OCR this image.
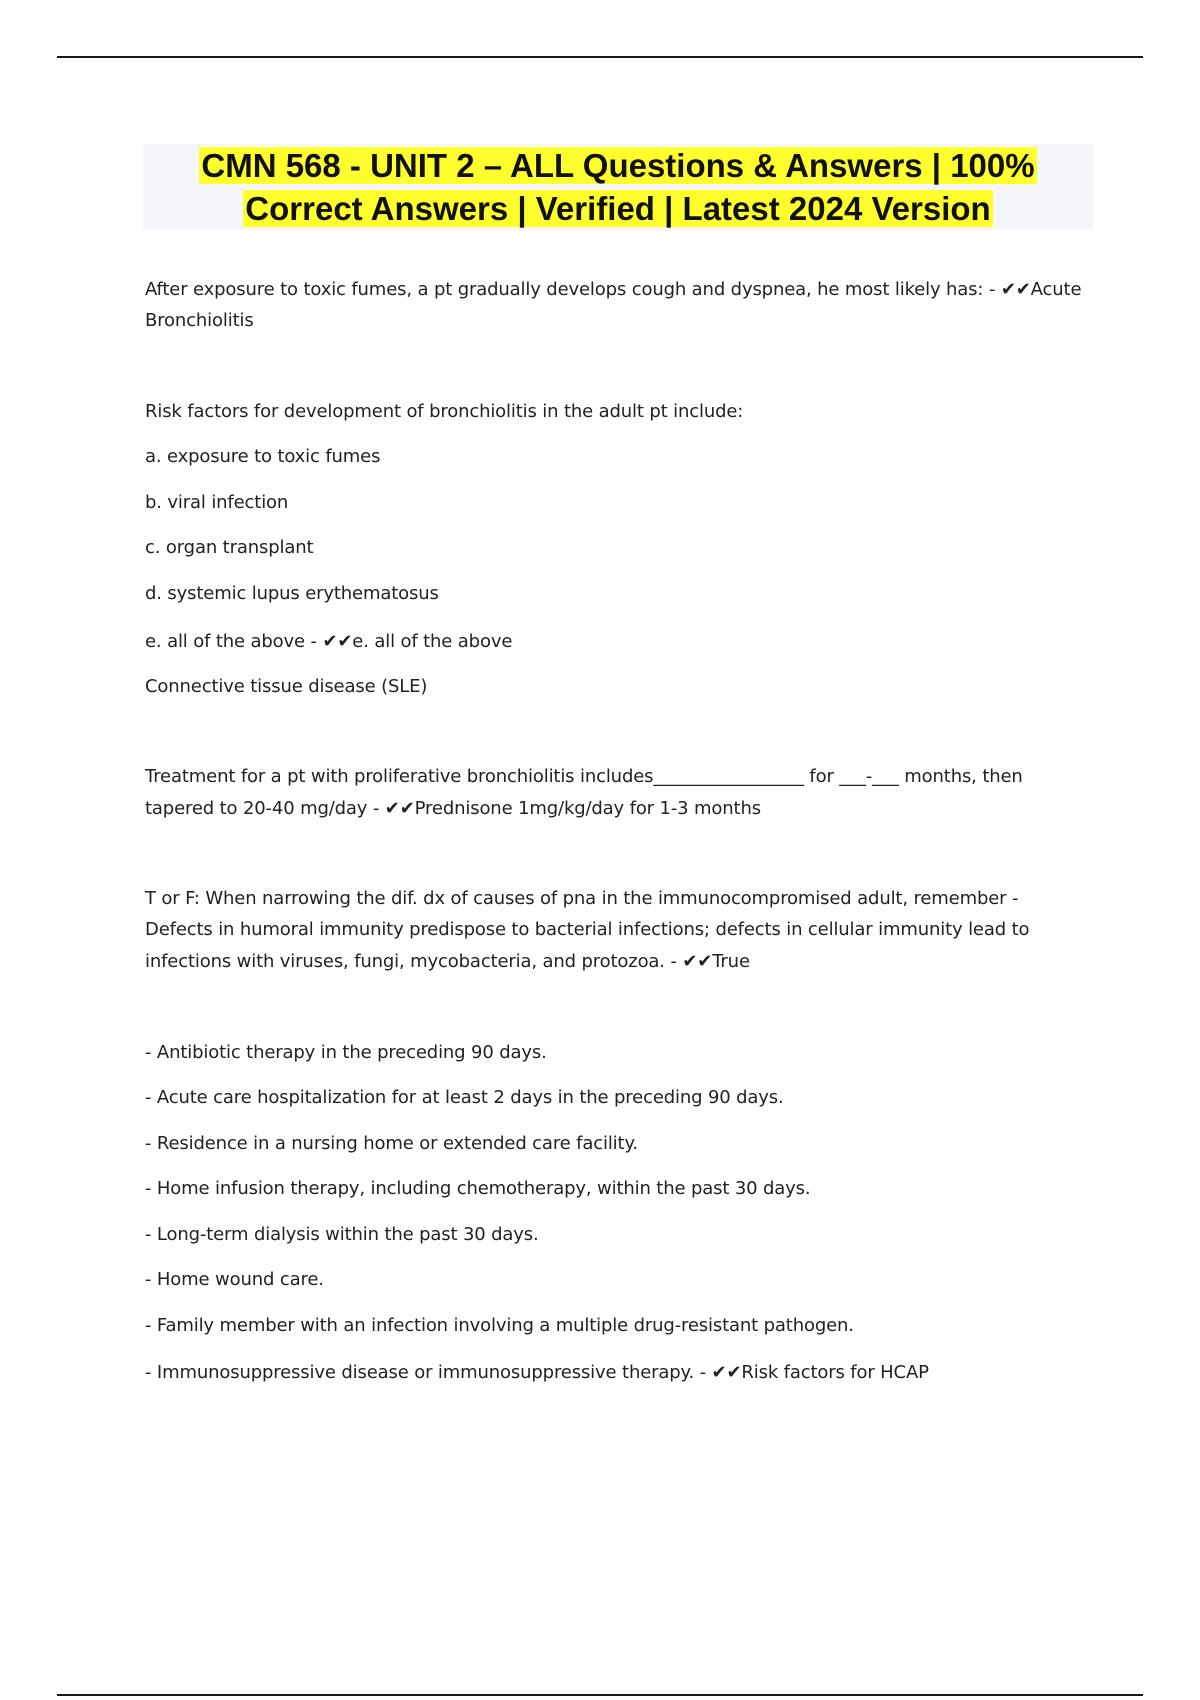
CMN 568 - UNIT 2 – ALL Questions & Answers | 100%
Correct Answers | Verified | Latest 2024 Version
After exposure to toxic fumes, a pt gradually develops cough and dyspnea, he most likely has: - ✔✔Acute
Bronchiolitis
Risk factors for development of bronchiolitis in the adult pt include:
a. exposure to toxic fumes
b. viral infection
c. organ transplant
d. systemic lupus erythematosus
e. all of the above - ✔✔e. all of the above
Connective tissue disease (SLE)
Treatment for a pt with proliferative bronchiolitis includes_________________ for ___-___ months, then
tapered to 20-40 mg/day - ✔✔Prednisone 1mg/kg/day for 1-3 months
T or F: When narrowing the dif. dx of causes of pna in the immunocompromised adult, remember -
Defects in humoral immunity predispose to bacterial infections; defects in cellular immunity lead to
infections with viruses, fungi, mycobacteria, and protozoa. - ✔✔True
- Antibiotic therapy in the preceding 90 days.
- Acute care hospitalization for at least 2 days in the preceding 90 days.
- Residence in a nursing home or extended care facility.
- Home infusion therapy, including chemotherapy, within the past 30 days.
- Long-term dialysis within the past 30 days.
- Home wound care.
- Family member with an infection involving a multiple drug-resistant pathogen.
- Immunosuppressive disease or immunosuppressive therapy. - ✔✔Risk factors for HCAP
